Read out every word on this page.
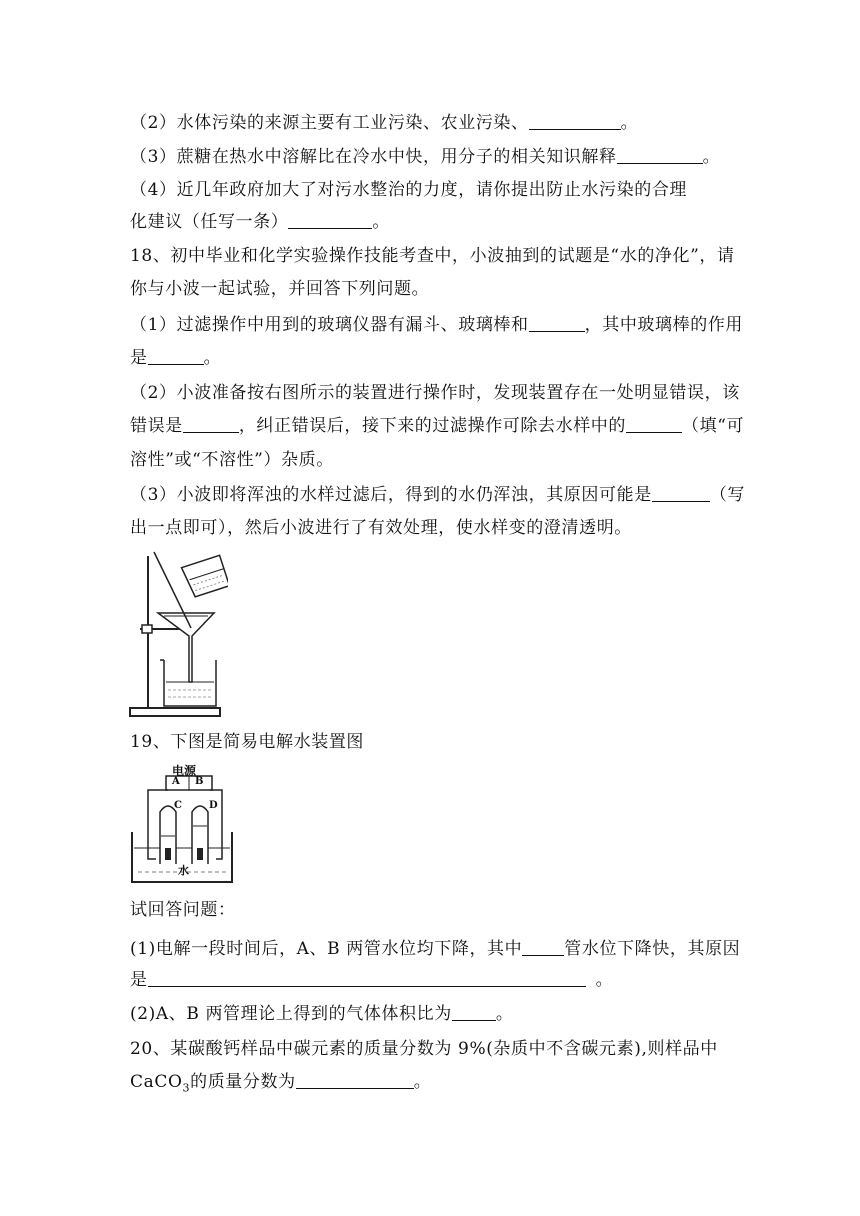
（2）水体污染的来源主要有工业污染、农业污染、	。
（3）蔗糖在热水中溶解比在冷水中快，用分子的相关知识解释	。
（4）近几年政府加大了对污水整治的力度，请你提出防止水污染的合理
化建议（任写一条）	。
18、初中毕业和化学实验操作技能考查中，小波抽到的试题是“水的净化”，请
你与小波一起试验，并回答下列问题。
（1）过滤操作中用到的玻璃仪器有漏斗、玻璃棒和	，其中玻璃棒的作用
是	。
（2）小波准备按右图所示的装置进行操作时，发现装置存在一处明显错误，该
错误是	，纠正错误后，接下来的过滤操作可除去水样中的	（填“可
溶性”或“不溶性”）杂质。
（3）小波即将浑浊的水样过滤后，得到的水仍浑浊，其原因可能是	（写
出一点即可），然后小波进行了有效处理，使水样变的澄清透明。
19、下图是简易电解水装置图
电源
A B
C	D
水
试回答问题：
(1)电解一段时间后，A、B 两管水位均下降，其中 管水位下降快，其原因
是	。
(2)A、B 两管理论上得到的气体体积比为	。
20、某碳酸钙样品中碳元素的质量分数为 9%(杂质中不含碳元素),则样品中
CaCO$_3$的质量分数为	。
